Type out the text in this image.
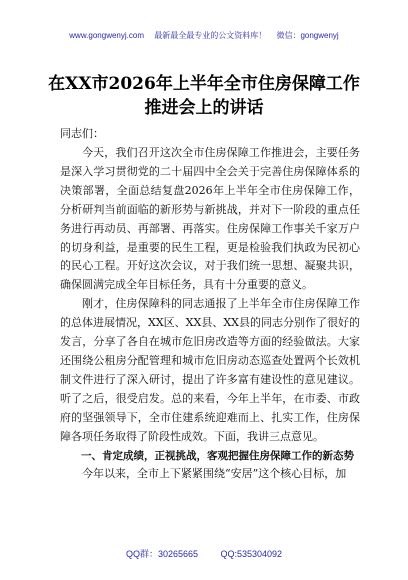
www.gongwenyj.com 最新最全最专业的公文资料库！ 微信：gongwenyj
在XX市2026年上半年全市住房保障工作
推进会上的讲话
同志们：

今天，我们召开这次全市住房保障工作推进会，主要任务是深入学习贯彻党的二十届四中全会关于完善住房保障体系的决策部署，全面总结复盘2026年上半年全市住房保障工作，分析研判当前面临的新形势与新挑战，并对下一阶段的重点任务进行再动员、再部署、再落实。住房保障工作事关千家万户的切身利益，是重要的民生工程，更是检验我们执政为民初心的民心工程。开好这次会议，对于我们统一思想、凝聚共识，确保圆满完成全年目标任务，具有十分重要的意义。

刚才，住房保障科的同志通报了上半年全市住房保障工作的总体进展情况，XX区、XX县、XX县的同志分别作了很好的发言，分享了各自在城市危旧房改造等方面的经验做法。大家还围绕公租房分配管理和城市危旧房动态巡查处置两个长效机制文件进行了深入研讨，提出了许多富有建设性的意见建议。听了之后，很受启发。总的来看，今年上半年，在市委、市政府的坚强领导下，全市住建系统迎难而上、扎实工作，住房保障各项任务取得了阶段性成效。下面，我讲三点意见。

一、肯定成绩，正视挑战，客观把握住房保障工作的新态势

今年以来，全市上下紧紧围绕“安居”这个核心目标，加

QQ群：30265665	QQ:535304092
